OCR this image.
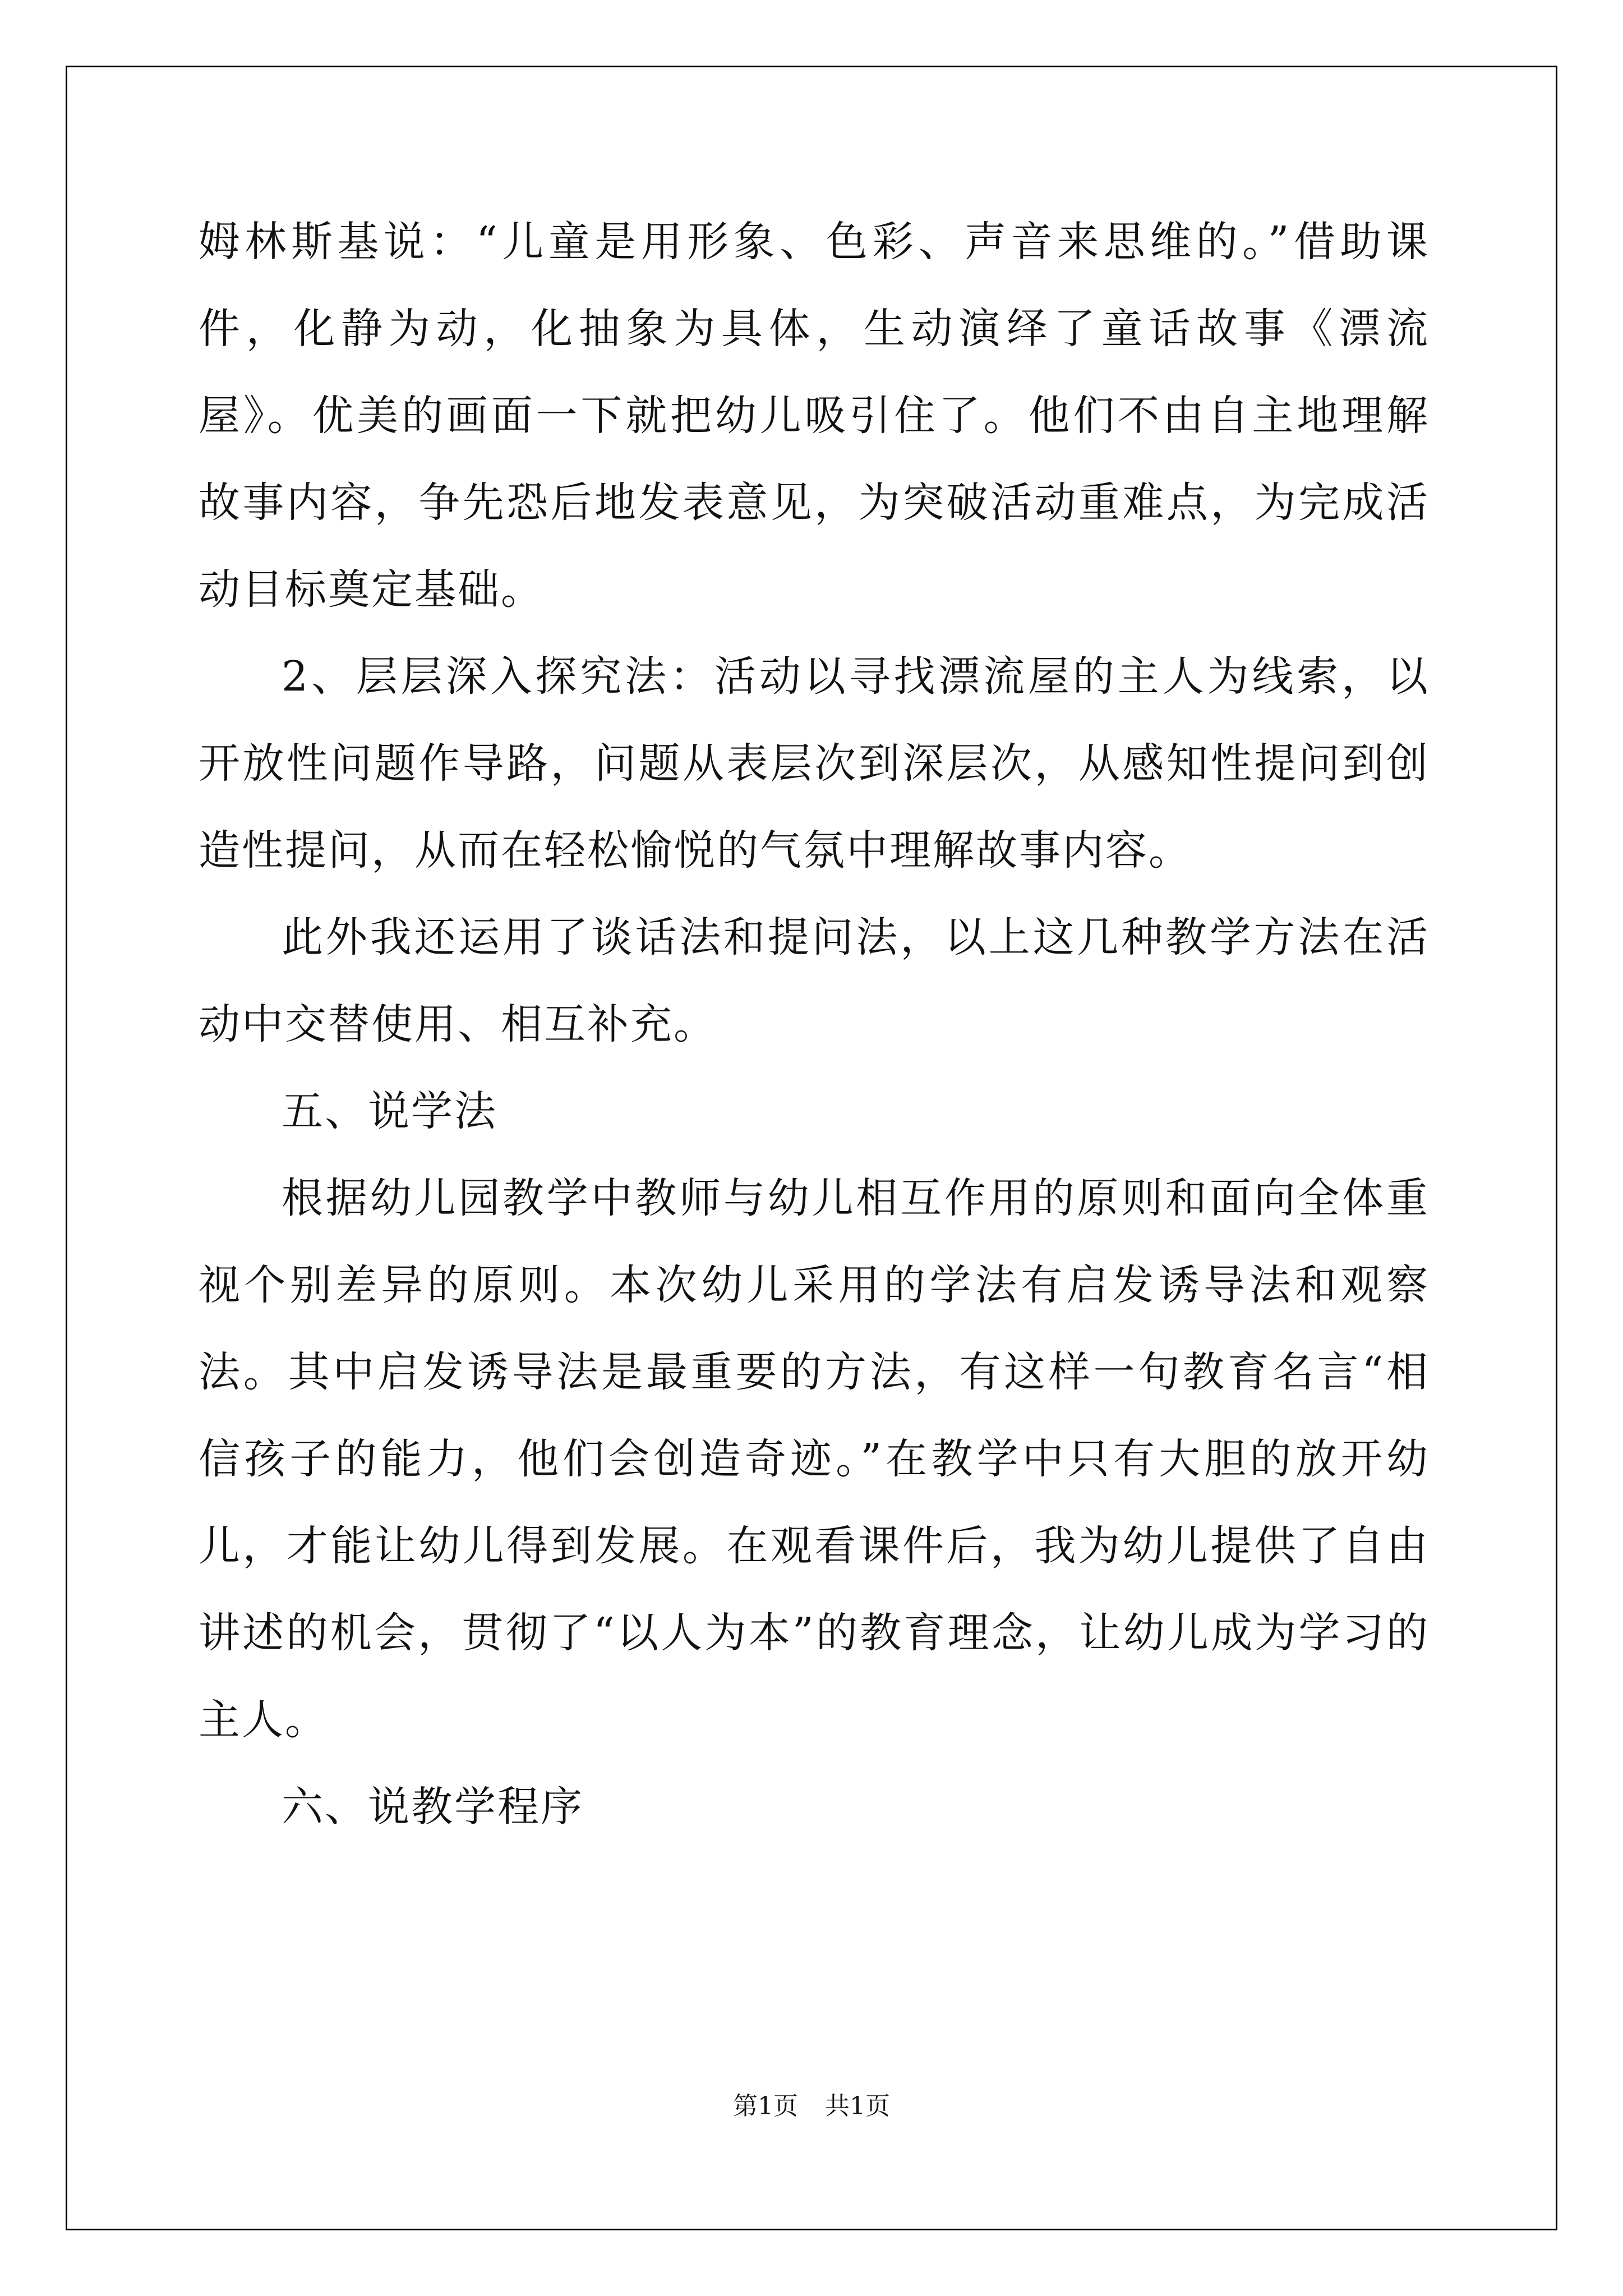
姆林斯基说：“儿童是用形象、色彩、声音来思维的。”借助课件，化静为动，化抽象为具体，生动演绎了童话故事《漂流屋》。优美的画面一下就把幼儿吸引住了。他们不由自主地理解故事内容，争先恐后地发表意见，为突破活动重难点，为完成活动目标奠定基础。

2、层层深入探究法：活动以寻找漂流屋的主人为线索，以开放性问题作导路，问题从表层次到深层次，从感知性提问到创造性提问，从而在轻松愉悦的气氛中理解故事内容。

此外我还运用了谈话法和提问法，以上这几种教学方法在活动中交替使用、相互补充。

五、说学法

根据幼儿园教学中教师与幼儿相互作用的原则和面向全体重视个别差异的原则。本次幼儿采用的学法有启发诱导法和观察法。其中启发诱导法是最重要的方法，有这样一句教育名言“相信孩子的能力，他们会创造奇迹。”在教学中只有大胆的放开幼儿，才能让幼儿得到发展。在观看课件后，我为幼儿提供了自由讲述的机会，贯彻了“以人为本”的教育理念，让幼儿成为学习的主人。

六、说教学程序

第1页 共1页
